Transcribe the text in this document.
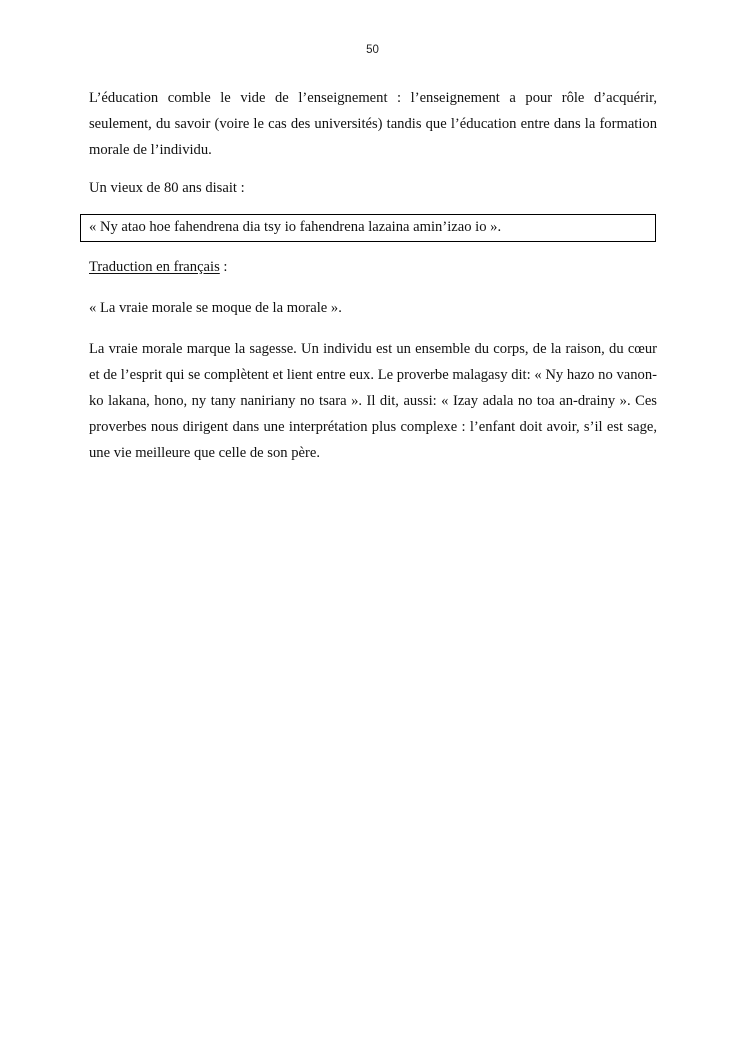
50

L’éducation comble le vide de l’enseignement : l’enseignement a pour rôle d’acquérir, seulement, du savoir (voire le cas des universités) tandis que l’éducation entre dans la formation morale de l’individu.

Un vieux de 80 ans disait :

« Ny atao hoe fahendrena dia tsy io fahendrena lazaina amin’izao io ».

Traduction en français :

« La vraie morale se moque de la morale ».

La vraie morale marque la sagesse. Un individu est un ensemble du corps, de la raison, du cœur et de l’esprit qui se complètent et lient entre eux. Le proverbe malagasy dit: « Ny hazo no vanon-ko lakana, hono, ny tany naniriany no tsara ». Il dit, aussi: « Izay adala no toa an-drainy ». Ces proverbes nous dirigent dans une interprétation plus complexe : l’enfant doit avoir, s’il est sage, une vie meilleure que celle de son père.
